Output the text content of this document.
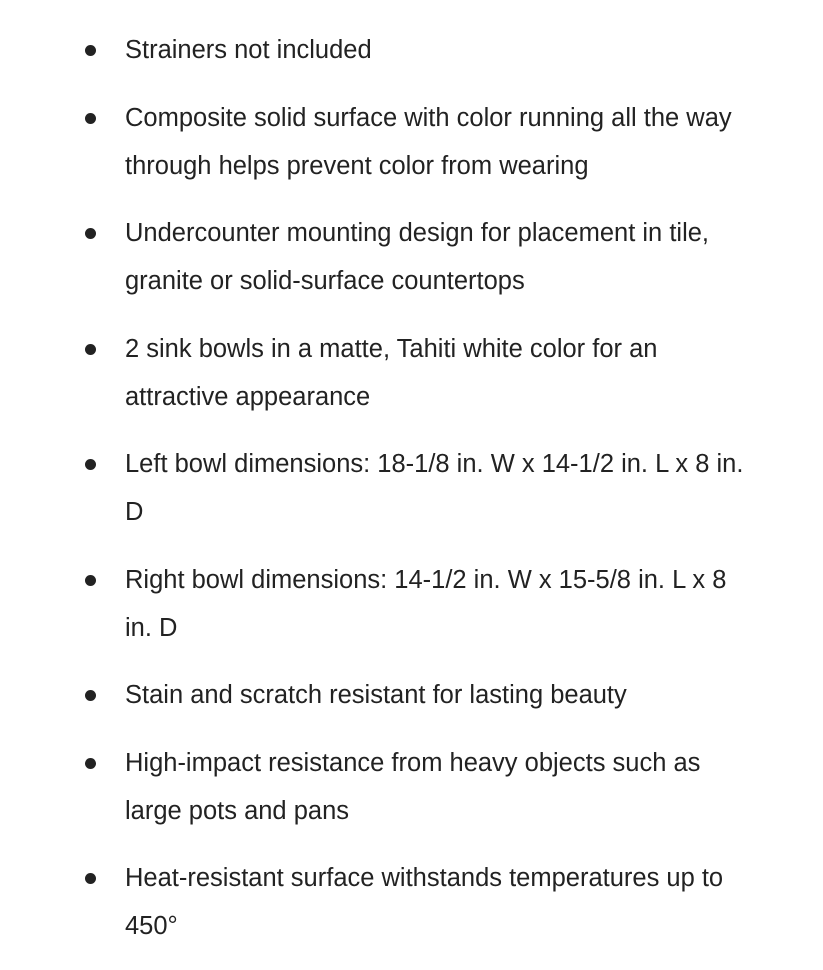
Strainers not included
Composite solid surface with color running all the way through helps prevent color from wearing
Undercounter mounting design for placement in tile, granite or solid-surface countertops
2 sink bowls in a matte, Tahiti white color for an attractive appearance
Left bowl dimensions: 18-1/8 in. W x 14-1/2 in. L x 8 in. D
Right bowl dimensions: 14-1/2 in. W x 15-5/8 in. L x 8 in. D
Stain and scratch resistant for lasting beauty
High-impact resistance from heavy objects such as large pots and pans
Heat-resistant surface withstands temperatures up to 450°
